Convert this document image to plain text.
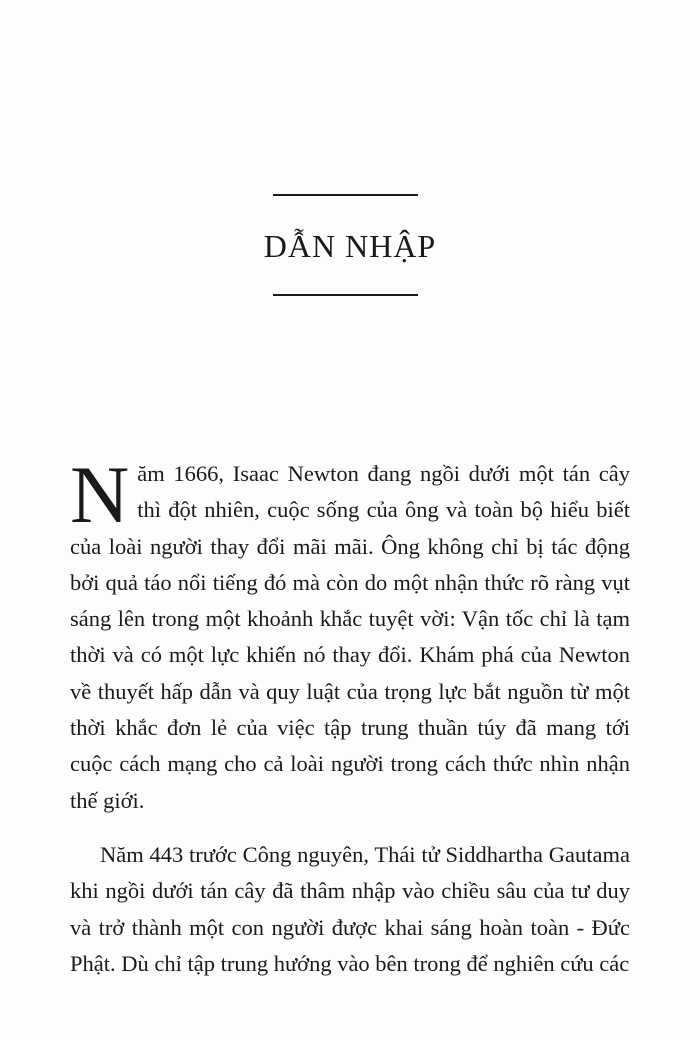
DẪN NHẬP

Năm 1666, Isaac Newton đang ngồi dưới một tán cây thì đột nhiên, cuộc sống của ông và toàn bộ hiểu biết của loài người thay đổi mãi mãi. Ông không chỉ bị tác động bởi quả táo nổi tiếng đó mà còn do một nhận thức rõ ràng vụt sáng lên trong một khoảnh khắc tuyệt vời: Vận tốc chỉ là tạm thời và có một lực khiến nó thay đổi. Khám phá của Newton về thuyết hấp dẫn và quy luật của trọng lực bắt nguồn từ một thời khắc đơn lẻ của việc tập trung thuần túy đã mang tới cuộc cách mạng cho cả loài người trong cách thức nhìn nhận thế giới.

Năm 443 trước Công nguyên, Thái tử Siddhartha Gautama khi ngồi dưới tán cây đã thâm nhập vào chiều sâu của tư duy và trở thành một con người được khai sáng hoàn toàn - Đức Phật. Dù chỉ tập trung hướng vào bên trong để nghiên cứu các
